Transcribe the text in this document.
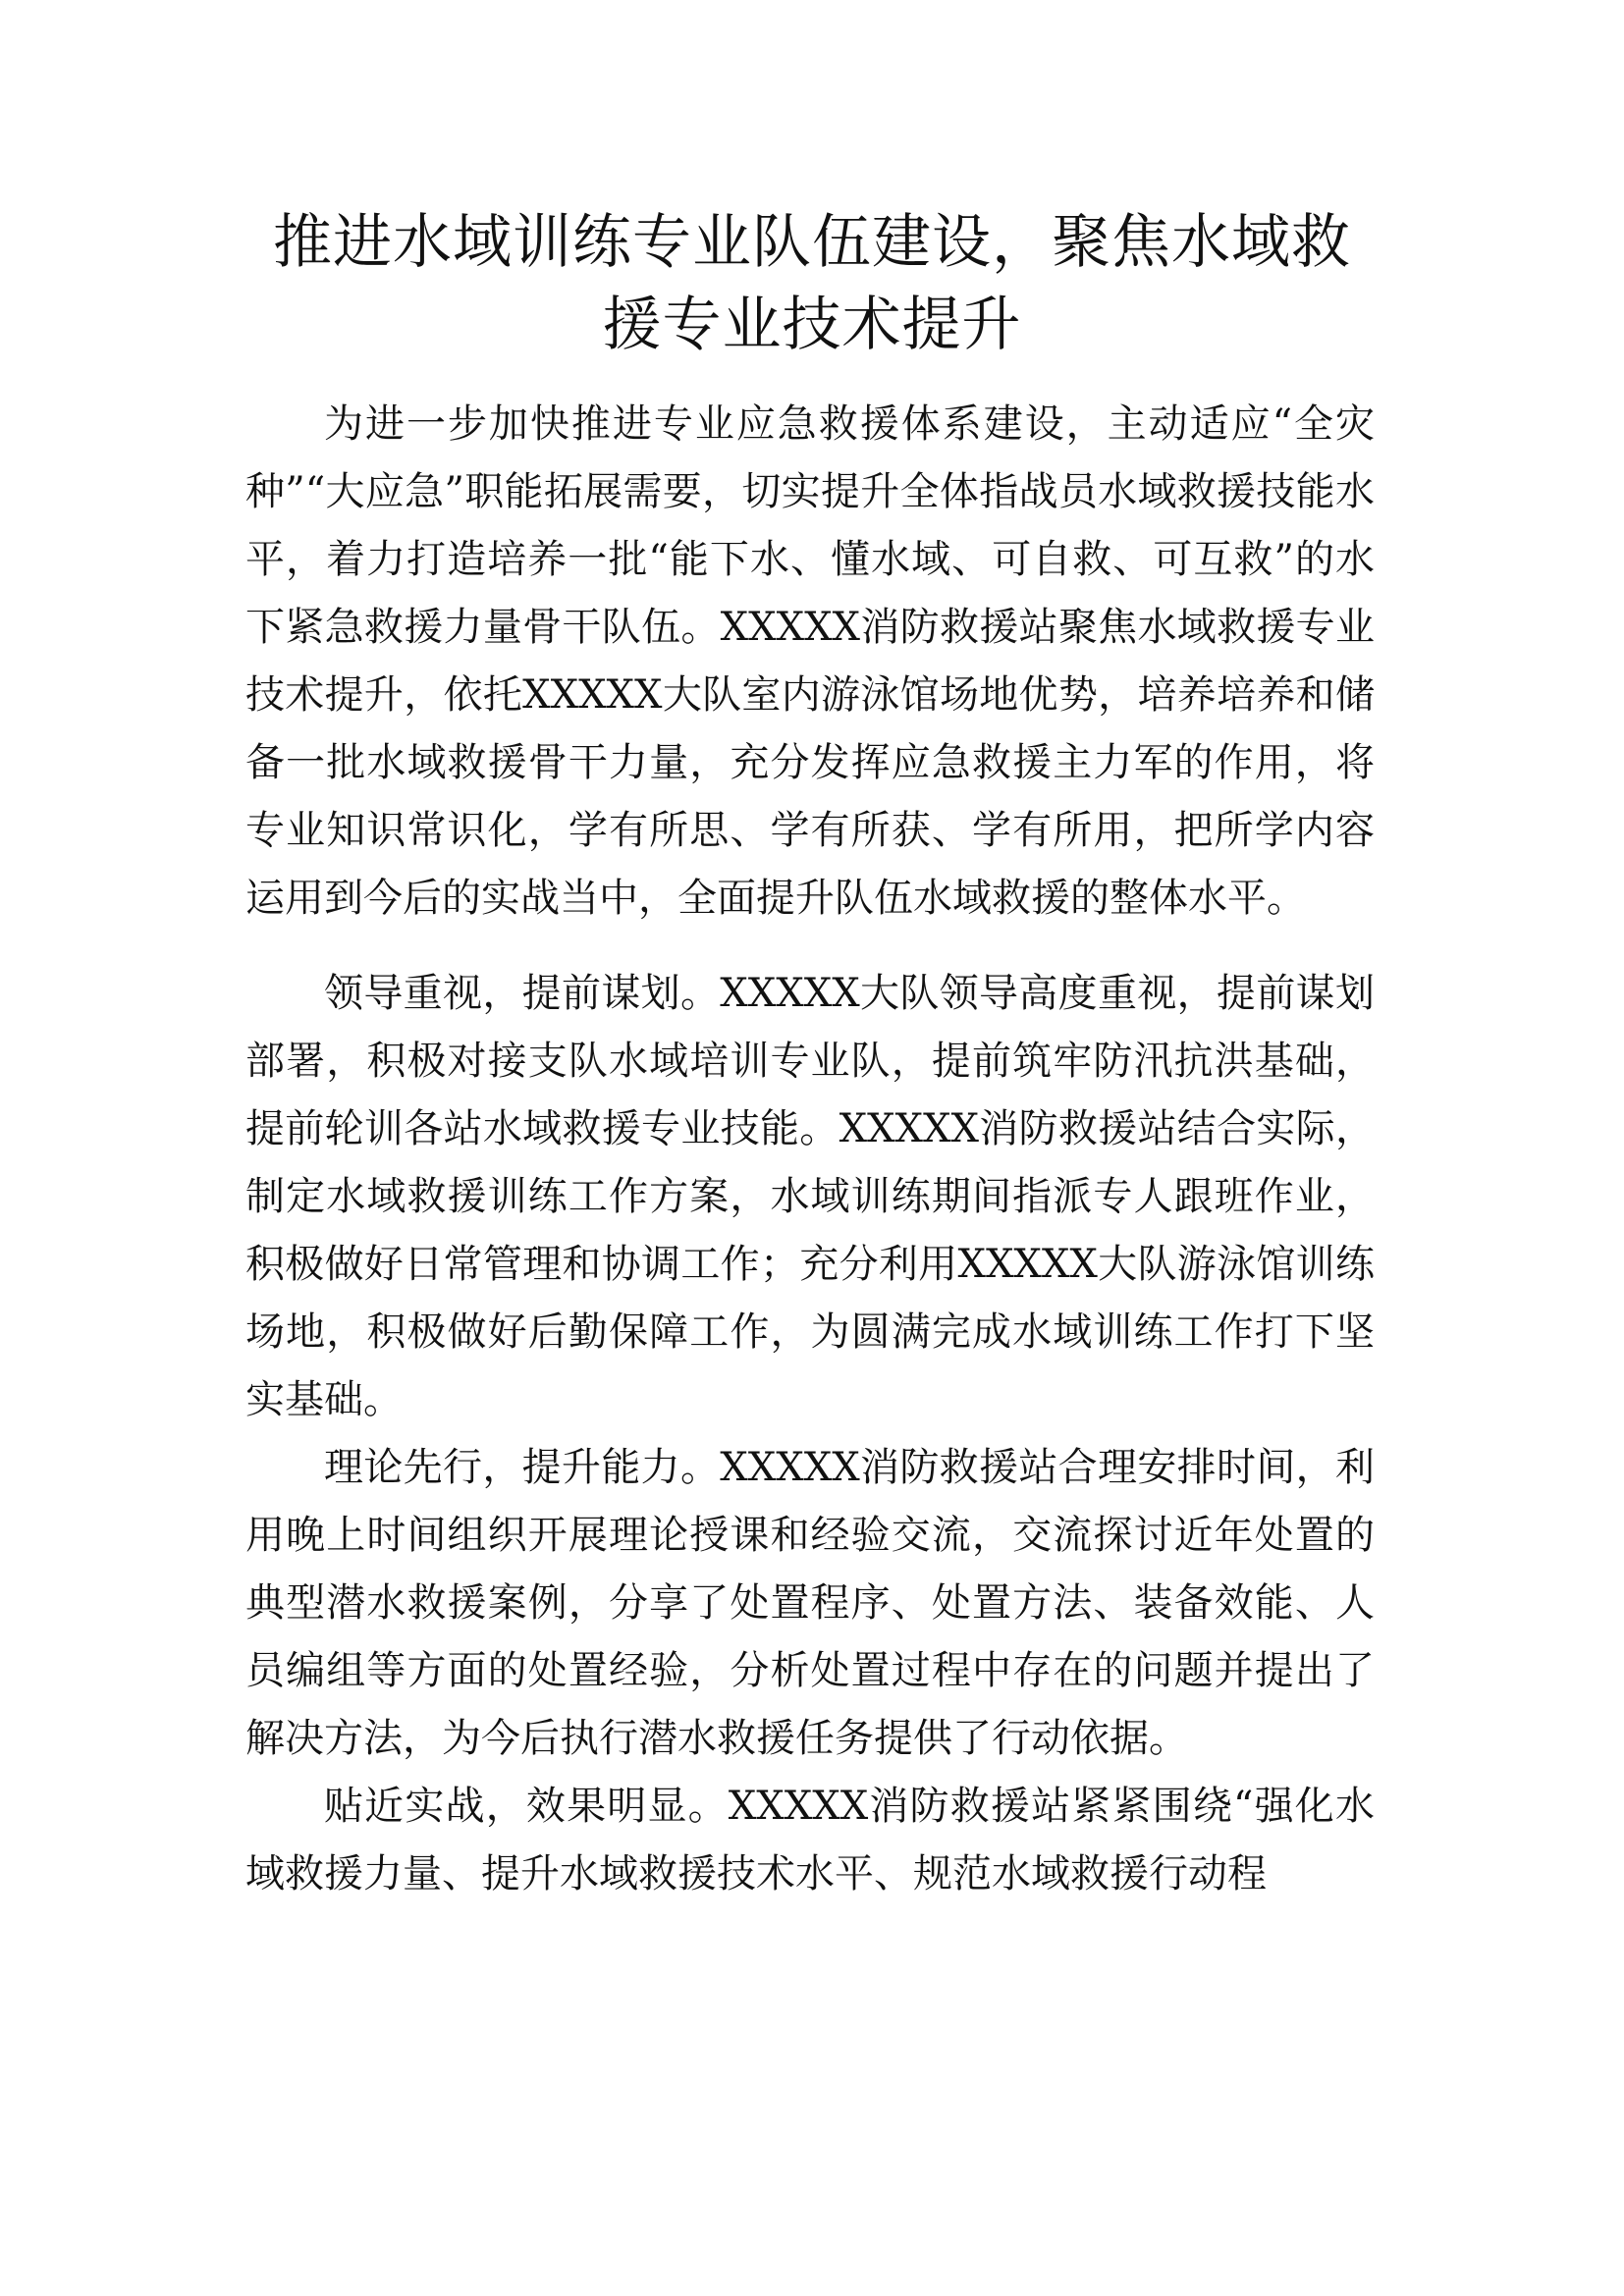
推进水域训练专业队伍建设，聚焦水域救
援专业技术提升

为进一步加快推进专业应急救援体系建设，主动适应“全灾种”“大应急”职能拓展需要，切实提升全体指战员水域救援技能水平，着力打造培养一批“能下水、懂水域、可自救、可互救”的水下紧急救援力量骨干队伍。XXXXX消防救援站聚焦水域救援专业技术提升，依托XXXXX大队室内游泳馆场地优势，培养培养和储备一批水域救援骨干力量，充分发挥应急救援主力军的作用，将专业知识常识化，学有所思、学有所获、学有所用，把所学内容运用到今后的实战当中，全面提升队伍水域救援的整体水平。

领导重视，提前谋划。XXXXX大队领导高度重视，提前谋划部署，积极对接支队水域培训专业队，提前筑牢防汛抗洪基础，提前轮训各站水域救援专业技能。XXXXX消防救援站结合实际，制定水域救援训练工作方案，水域训练期间指派专人跟班作业，积极做好日常管理和协调工作；充分利用XXXXX大队游泳馆训练场地，积极做好后勤保障工作，为圆满完成水域训练工作打下坚实基础。

理论先行，提升能力。XXXXX消防救援站合理安排时间，利用晚上时间组织开展理论授课和经验交流，交流探讨近年处置的典型潜水救援案例，分享了处置程序、处置方法、装备效能、人员编组等方面的处置经验，分析处置过程中存在的问题并提出了解决方法，为今后执行潜水救援任务提供了行动依据。

贴近实战，效果明显。XXXXX消防救援站紧紧围绕“强化水域救援力量、提升水域救援技术水平、规范水域救援行动程
